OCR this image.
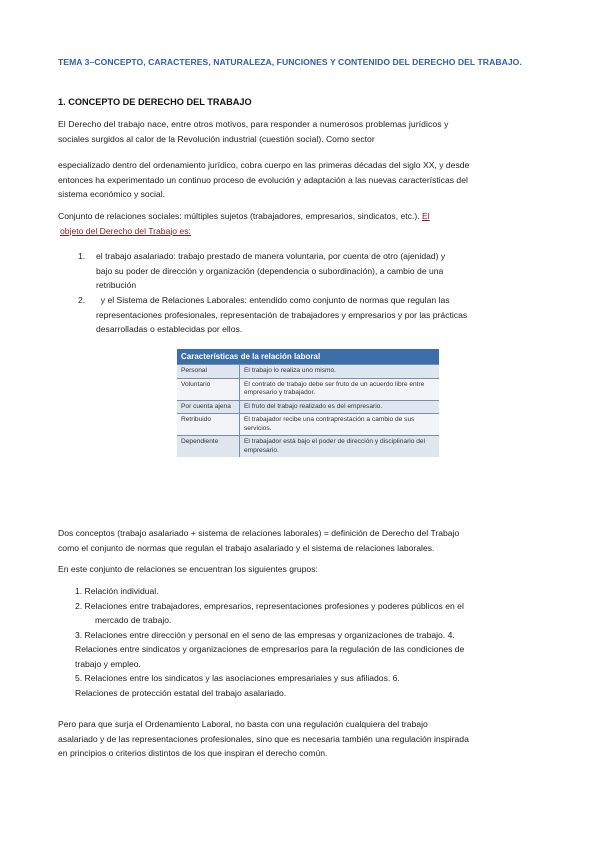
TEMA 3–CONCEPTO, CARACTERES, NATURALEZA, FUNCIONES Y CONTENIDO DEL DERECHO DEL TRABAJO.
1. CONCEPTO DE DERECHO DEL TRABAJO
El Derecho del trabajo nace, entre otros motivos, para responder a numerosos problemas jurídicos y
sociales surgidos al calor de la Revolución industrial (cuestión social). Como sector
especializado dentro del ordenamiento jurídico, cobra cuerpo en las primeras décadas del siglo XX, y desde
entonces ha experimentado un continuo proceso de evolución y adaptación a las nuevas características del
sistema económico y social.
Conjunto de relaciones sociales: múltiples sujetos (trabajadores, empresarios, sindicatos, etc.). El
objeto del Derecho del Trabajo es:
1. el trabajo asalariado: trabajo prestado de manera voluntaria, por cuenta de otro (ajenidad) y
bajo su poder de dirección y organización (dependencia o subordinación), a cambio de una
retribución
2. y el Sistema de Relaciones Laborales: entendido como conjunto de normas que regulan las
representaciones profesionales, representación de trabajadores y empresarios y por las prácticas
desarrolladas o establecidas por ellos.
Características de la relación laboral	
Personal	El trabajo lo realiza uno mismo.
Voluntario	El contrato de trabajo debe ser fruto de un acuerdo libre entre empresario y trabajador.
Por cuenta ajena	El fruto del trabajo realizado es del empresario.
Retribuido	El trabajador recibe una contraprestación a cambio de sus servicios.
Dependiente	El trabajador está bajo el poder de dirección y disciplinario del empresario.
Dos conceptos (trabajo asalariado + sistema de relaciones laborales) = definición de Derecho del Trabajo
como el conjunto de normas que regulan el trabajo asalariado y el sistema de relaciones laborales.
En este conjunto de relaciones se encuentran los siguientes grupos:
1. Relación individual.
2. Relaciones entre trabajadores, empresarios, representaciones profesiones y poderes públicos en el
mercado de trabajo.
3. Relaciones entre dirección y personal en el seno de las empresas y organizaciones de trabajo. 4.
Relaciones entre sindicatos y organizaciones de empresarios para la regulación de las condiciones de
trabajo y empleo.
5. Relaciones entre los sindicatos y las asociaciones empresariales y sus afiliados. 6.
Relaciones de protección estatal del trabajo asalariado.
Pero para que surja el Ordenamiento Laboral, no basta con una regulación cualquiera del trabajo
asalariado y de las representaciones profesionales, sino que es necesaria también una regulación inspirada
en principios o criterios distintos de los que inspiran el derecho común.
